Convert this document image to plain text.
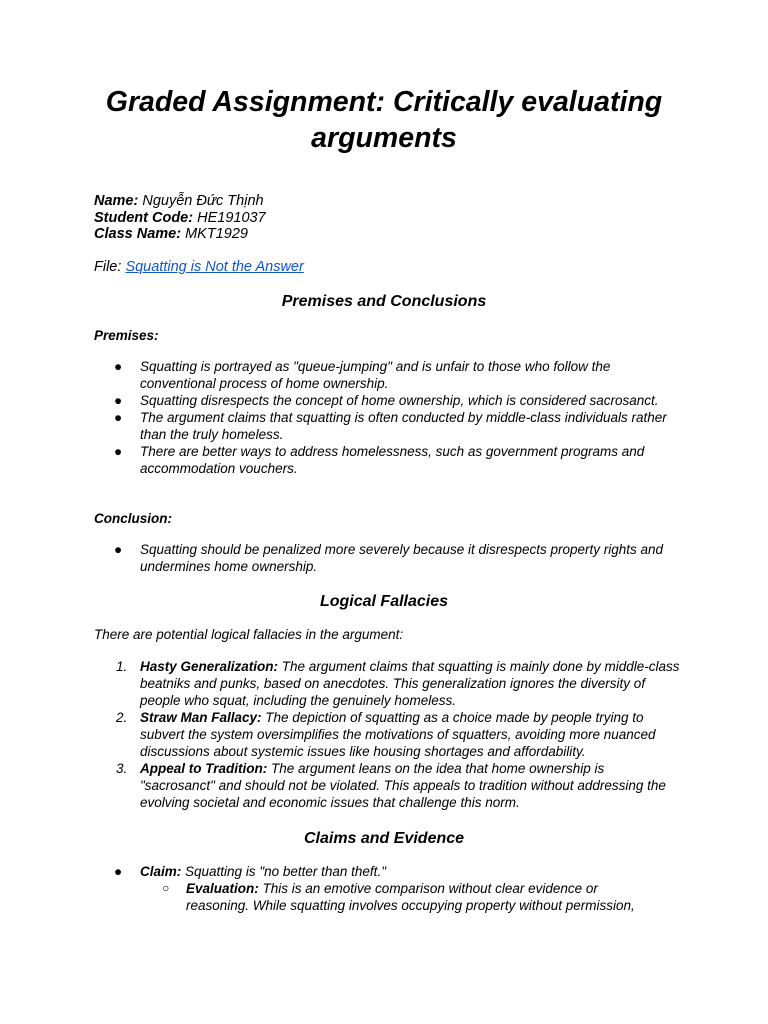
Graded Assignment: Critically evaluating arguments
Name: Nguyễn Đức Thịnh
Student Code: HE191037
Class Name: MKT1929
File: Squatting is Not the Answer
Premises and Conclusions
Premises:
● Squatting is portrayed as "queue-jumping" and is unfair to those who follow the conventional process of home ownership.
● Squatting disrespects the concept of home ownership, which is considered sacrosanct.
● The argument claims that squatting is often conducted by middle-class individuals rather than the truly homeless.
● There are better ways to address homelessness, such as government programs and accommodation vouchers.
Conclusion:
● Squatting should be penalized more severely because it disrespects property rights and undermines home ownership.
Logical Fallacies
There are potential logical fallacies in the argument:
1. Hasty Generalization: The argument claims that squatting is mainly done by middle-class beatniks and punks, based on anecdotes. This generalization ignores the diversity of people who squat, including the genuinely homeless.
2. Straw Man Fallacy: The depiction of squatting as a choice made by people trying to subvert the system oversimplifies the motivations of squatters, avoiding more nuanced discussions about systemic issues like housing shortages and affordability.
3. Appeal to Tradition: The argument leans on the idea that home ownership is "sacrosanct" and should not be violated. This appeals to tradition without addressing the evolving societal and economic issues that challenge this norm.
Claims and Evidence
● Claim: Squatting is "no better than theft."
○ Evaluation: This is an emotive comparison without clear evidence or reasoning. While squatting involves occupying property without permission,
